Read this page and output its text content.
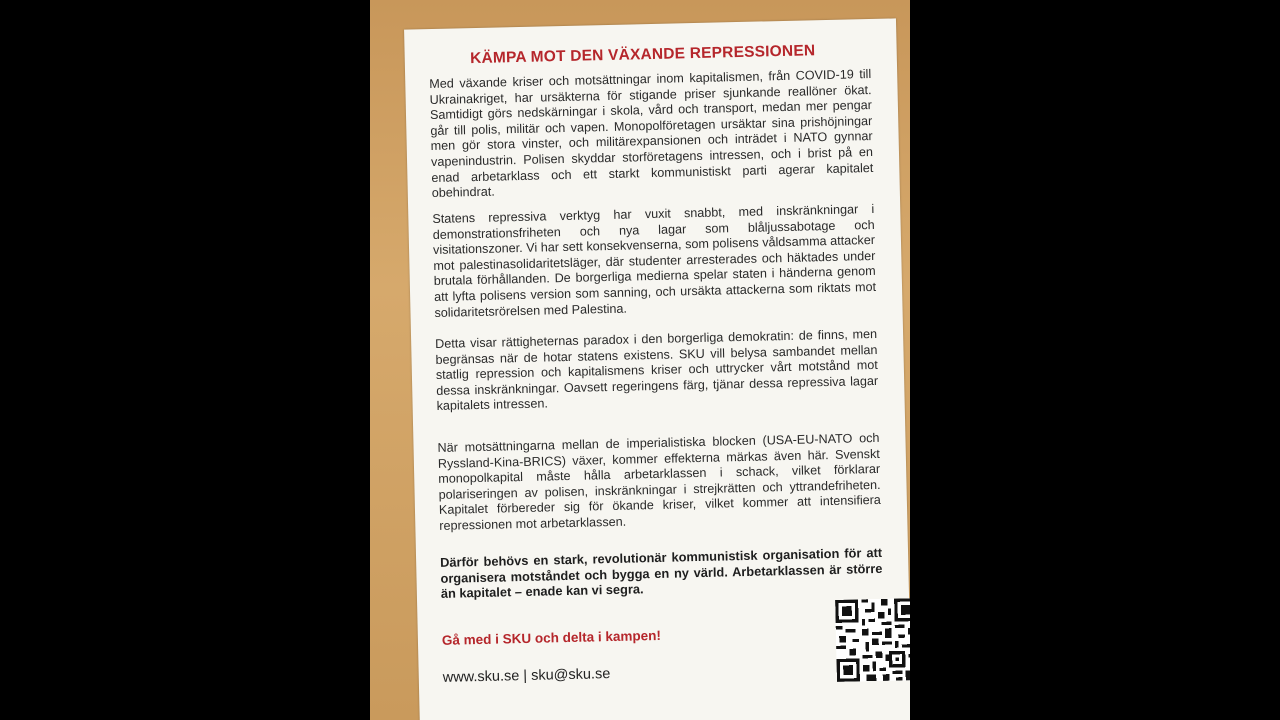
KÄMPA MOT DEN VÄXANDE REPRESSIONEN
Med växande kriser och motsättningar inom kapitalismen, från COVID-19 till Ukrainakriget, har ursäkterna för stigande priser sjunkande reallöner ökat. Samtidigt görs nedskärningar i skola, vård och transport, medan mer pengar går till polis, militär och vapen. Monopolföretagen ursäktar sina prishöjningar men gör stora vinster, och militärexpansionen och inträdet i NATO gynnar vapenindustrin. Polisen skyddar storföretagens intressen, och i brist på en enad arbetarklass och ett starkt kommunistiskt parti agerar kapitalet obehindrat.
Statens repressiva verktyg har vuxit snabbt, med inskränkningar i demonstrationsfriheten och nya lagar som blåljussabotage och visitationszoner. Vi har sett konsekvenserna, som polisens våldsamma attacker mot palestinasolidaritetsläger, där studenter arresterades och häktades under brutala förhållanden. De borgerliga medierna spelar staten i händerna genom att lyfta polisens version som sanning, och ursäkta attackerna som riktats mot solidaritetsrörelsen med Palestina.
Detta visar rättigheternas paradox i den borgerliga demokratin: de finns, men begränsas när de hotar statens existens. SKU vill belysa sambandet mellan statlig repression och kapitalismens kriser och uttrycker vårt motstånd mot dessa inskränkningar. Oavsett regeringens färg, tjänar dessa repressiva lagar kapitalets intressen.
När motsättningarna mellan de imperialistiska blocken (USA-EU-NATO och Ryssland-Kina-BRICS) växer, kommer effekterna märkas även här. Svenskt monopolkapital måste hålla arbetarklassen i schack, vilket förklarar polariseringen av polisen, inskränkningar i strejkrätten och yttrandefriheten. Kapitalet förbereder sig för ökande kriser, vilket kommer att intensifiera repressionen mot arbetarklassen.
Därför behövs en stark, revolutionär kommunistisk organisation för att organisera motståndet och bygga en ny värld. Arbetarklassen är större än kapitalet – enade kan vi segra.
Gå med i SKU och delta i kampen!
www.sku.se | sku@sku.se
